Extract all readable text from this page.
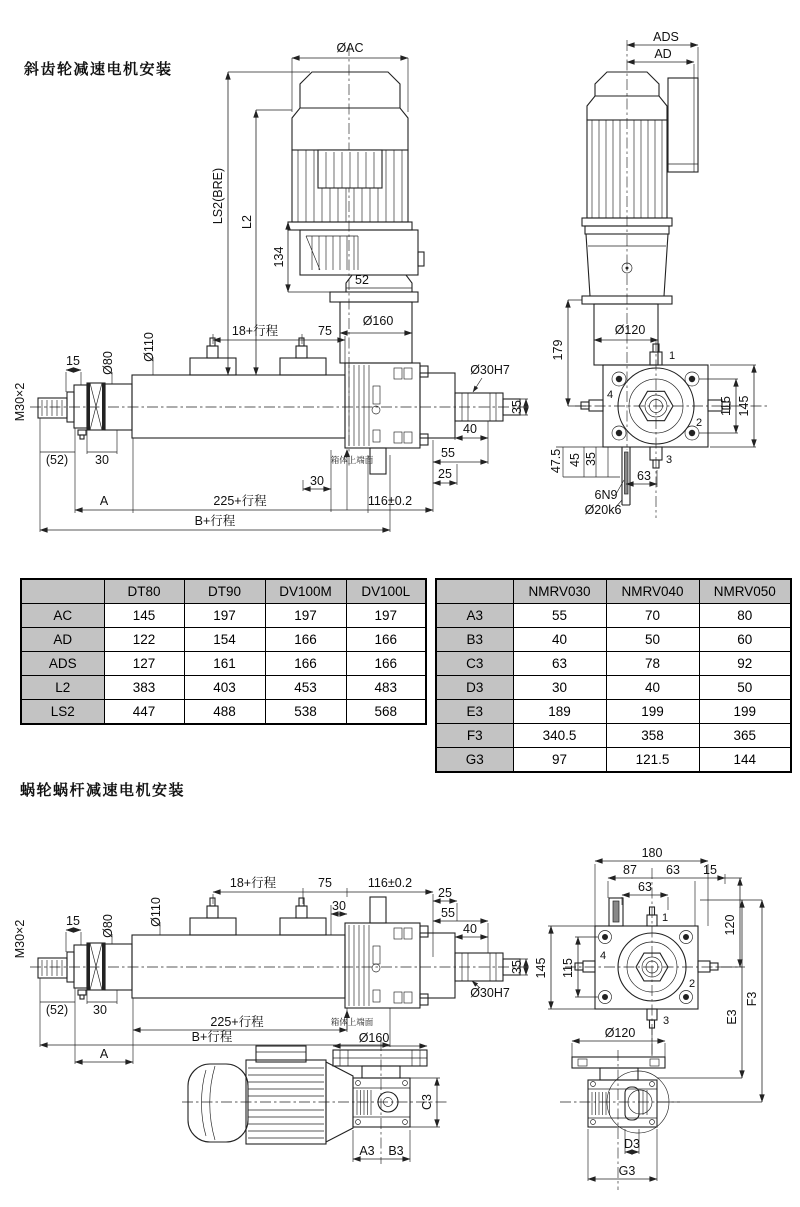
斜齿轮减速电机安装
蜗轮蜗杆减速电机安装
ØAC
LS2(BRE) L2
134
52
Ø160
18+行程	75
Ø110
Ø80
15
M30×2
(52) 30	箱体上端面
30
A	225+行程	116±0.2
B+行程
Ø30H7
35
40
55
25
ADS
AD
Ø120
179	1
4
2
3
115 145
47.5 45 35
63
6N9
Ø20k6
	DT80	DT90	DV100M	DV100L
AC	145	197	197	197
AD	122	154	166	166
ADS	127	161	166	166
L2	383	403	453	483
LS2	447	488	538	568
	NMRV030	NMRV040	NMRV050
A3	55	70	80
B3	40	50	60
C3	63	78	92
D3	30	40	50
E3	189	199	199
F3	340.5	358	365
G3	97	121.5	144
18+行程	75	116±0.2
30
25
55
40
35
Ø30H7
Ø110
Ø80
15
M30×2
(52) 30
225+行程
B+行程
A
箱体上端面
Ø160
C3
A3 B3
1
4
2
3
180
87 63 15
63
120
115
145
F3
E3
Ø120
D3
G3
